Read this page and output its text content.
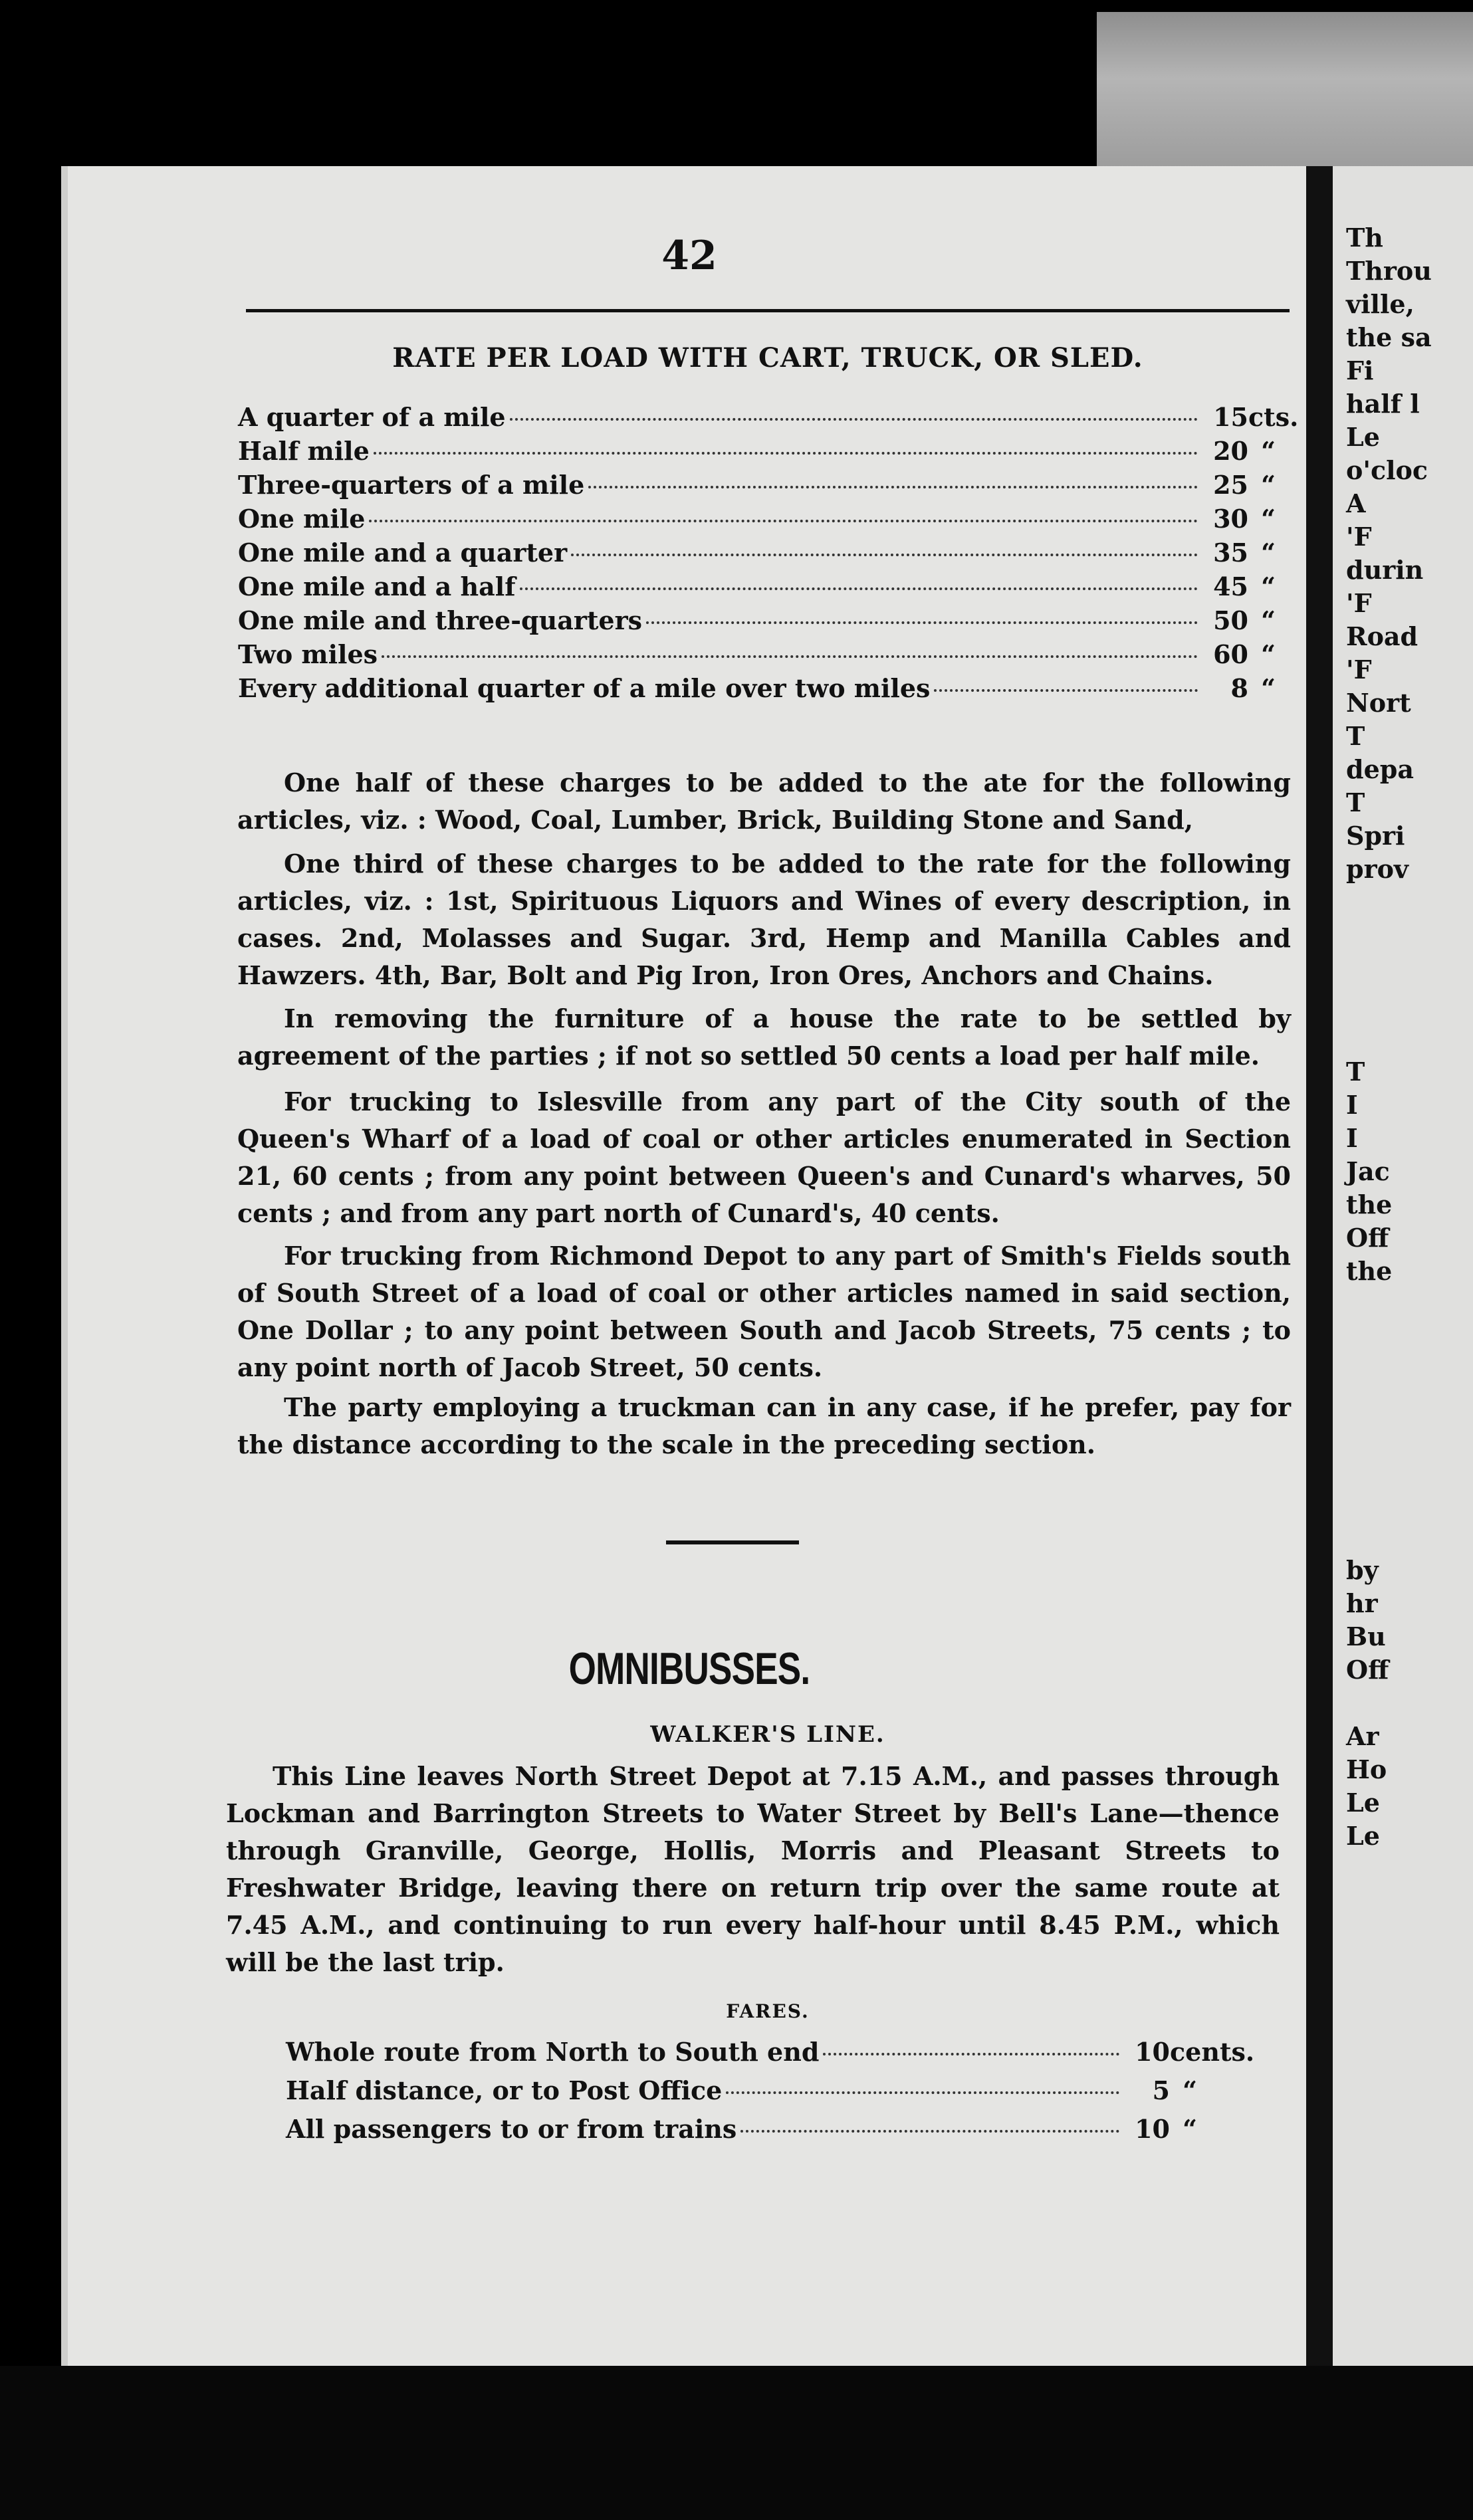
42
RATE PER LOAD WITH CART, TRUCK, OR SLED.
A quarter of a mile	15 cts.
Half mile	20 “
Three-quarters of a mile	25 “
One mile	30 “
One mile and a quarter	35 “
One mile and a half	45 “
One mile and three-quarters	50 “
Two miles	60 “
Every additional quarter of a mile over two miles	8 “

One half of these charges to be added to the ate for the following articles, viz. : Wood, Coal, Lumber, Brick, Building Stone and Sand,

One third of these charges to be added to the rate for the following articles, viz. : 1st, Spirituous Liquors and Wines of every description, in cases. 2nd, Molasses and Sugar. 3rd, Hemp and Manilla Cables and Hawzers. 4th, Bar, Bolt and Pig Iron, Iron Ores, Anchors and Chains.

In removing the furniture of a house the rate to be settled by agreement of the parties ; if not so settled 50 cents a load per half mile.

For trucking to Islesville from any part of the City south of the Queen's Wharf of a load of coal or other articles enumerated in Section 21, 60 cents ; from any point between Queen's and Cunard's wharves, 50 cents ; and from any part north of Cunard's, 40 cents.

For trucking from Richmond Depot to any part of Smith's Fields south of South Street of a load of coal or other articles named in said section, One Dollar ; to any point between South and Jacob Streets, 75 cents ; to any point north of Jacob Street, 50 cents.

The party employing a truckman can in any case, if he prefer, pay for the distance according to the scale in the preceding section.

OMNIBUSSES.
WALKER'S LINE.

This Line leaves North Street Depot at 7.15 A.M., and passes through Lockman and Barrington Streets to Water Street by Bell's Lane—thence through Granville, George, Hollis, Morris and Pleasant Streets to Freshwater Bridge, leaving there on return trip over the same route at 7.45 A.M., and continuing to run every half-hour until 8.45 P.M., which will be the last trip.

FARES.
Whole route from North to South end	10 cents.
Half distance, or to Post Office	5 “
All passengers to or from trains	10 “
Th
Throu
ville,
the sa
Fi
half l
Le
o'cloc
A
'F
durin
'F
Road
'F
Nort
T
depa
T
Spri
prov
T
I
I
Jac
the
Off
the
by
hr
Bu
Off
Ar
Ho
Le
Le
